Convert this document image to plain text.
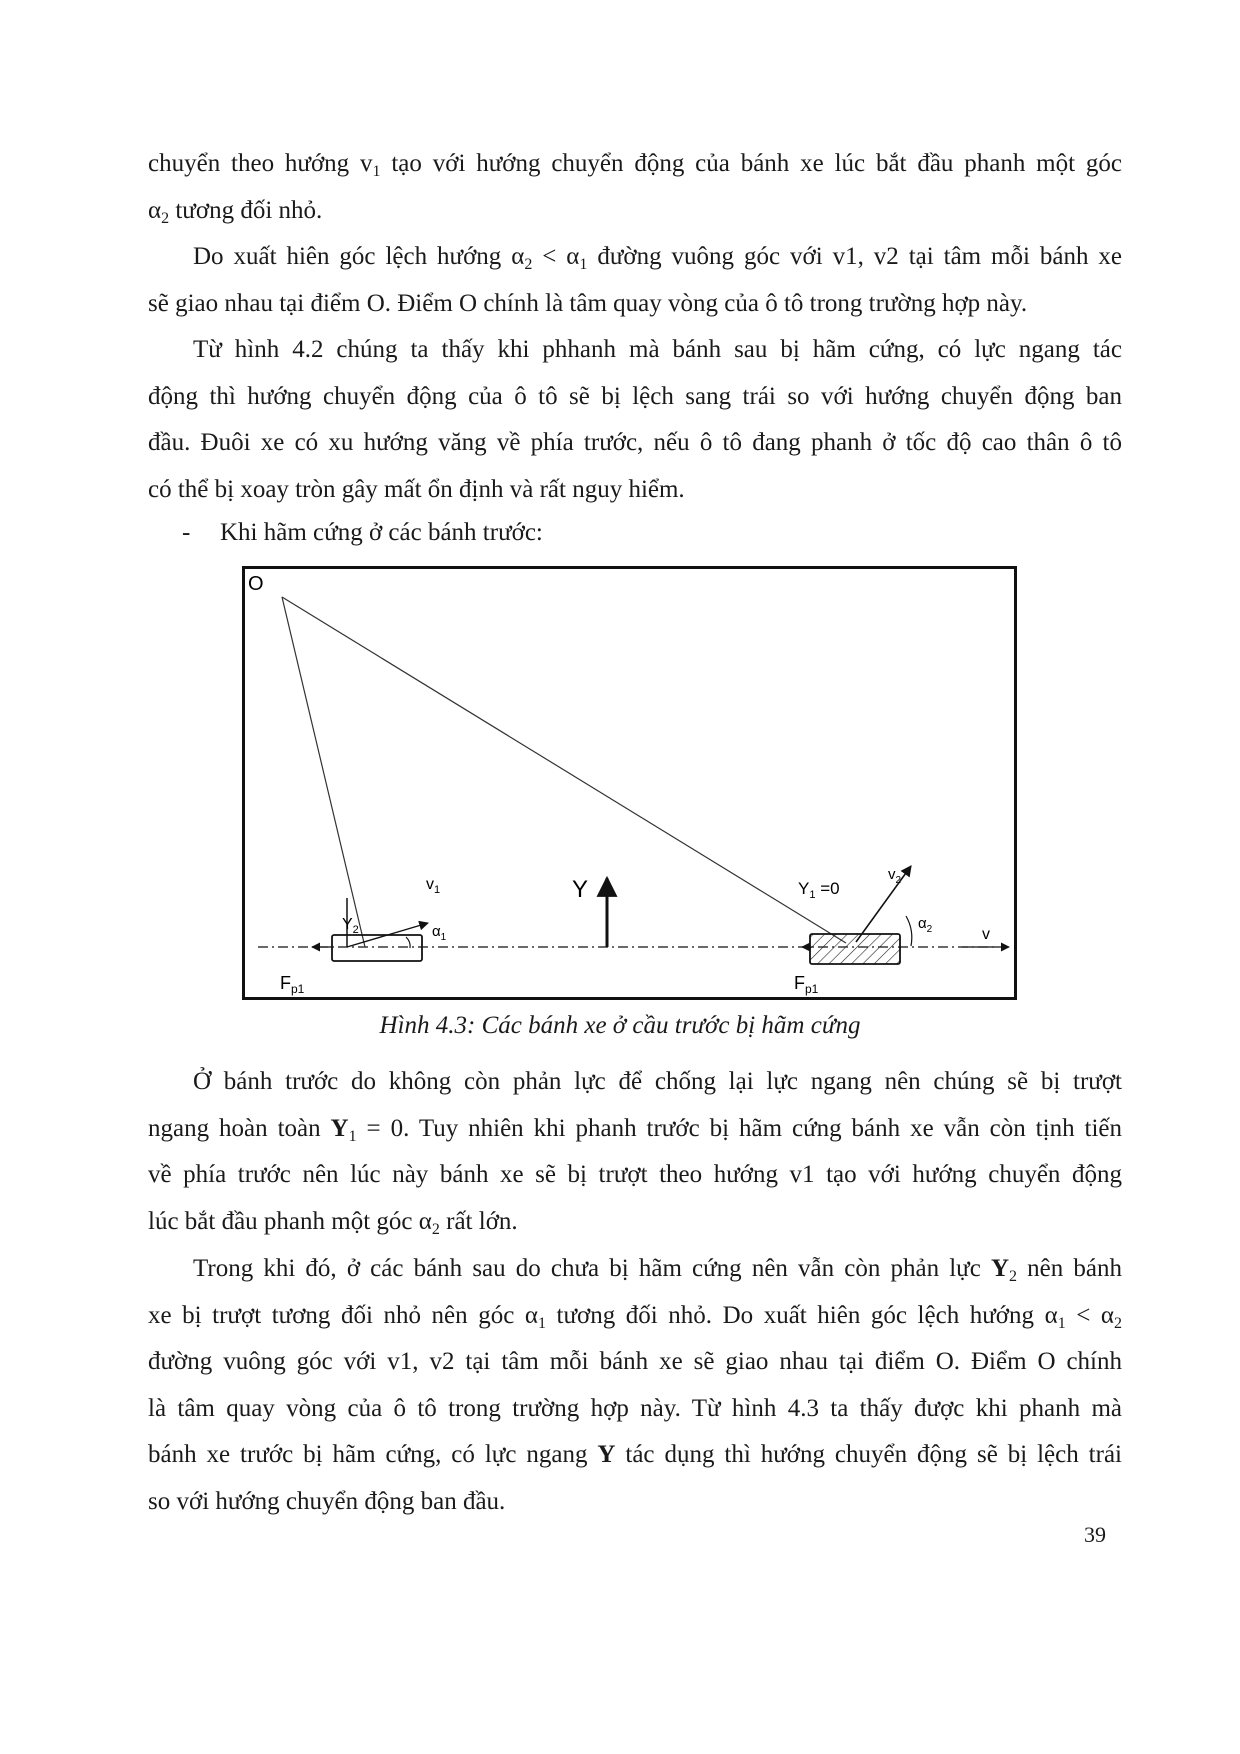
chuyển theo hướng $v_1$ tạo với hướng chuyển động của bánh xe lúc bắt đầu phanh một góc
$\alpha_2$ tương đối nhỏ.

Do xuất hiên góc lệch hướng $\alpha_2 < \alpha_1$ đường vuông góc với v1, v2 tại tâm mỗi bánh xe
sẽ giao nhau tại điểm O. Điểm O chính là tâm quay vòng của ô tô trong trường hợp này.

Từ hình 4.2 chúng ta thấy khi phhanh mà bánh sau bị hãm cứng, có lực ngang tác
động thì hướng chuyển động của ô tô sẽ bị lệch sang trái so với hướng chuyển động ban
đầu. Đuôi xe có xu hướng văng về phía trước, nếu ô tô đang phanh ở tốc độ cao thân ô tô
có thể bị xoay tròn gây mất ổn định và rất nguy hiểm.

- Khi hãm cứng ở các bánh trước:
O
$v_1$
$Y_2$	$\alpha_1$
Y	$Y_1 =0$
$v_2$
$\alpha_2$	v
$F_{p1}$	$F_{p1}$
Hình 4.3: Các bánh xe ở cầu trước bị hãm cứng

Ở bánh trước do không còn phản lực để chống lại lực ngang nên chúng sẽ bị trượt
ngang hoàn toàn $Y_1 = 0$. Tuy nhiên khi phanh trước bị hãm cứng bánh xe vẫn còn tịnh tiến
về phía trước nên lúc này bánh xe sẽ bị trượt theo hướng v1 tạo với hướng chuyển động
lúc bắt đầu phanh một góc $\alpha_2$ rất lớn.

Trong khi đó, ở các bánh sau do chưa bị hãm cứng nên vẫn còn phản lực $Y_2$ nên bánh
xe bị trượt tương đối nhỏ nên góc $\alpha_1$ tương đối nhỏ. Do xuất hiên góc lệch hướng $\alpha_1 < \alpha_2$
đường vuông góc với v1, v2 tại tâm mỗi bánh xe sẽ giao nhau tại điểm O. Điểm O chính
là tâm quay vòng của ô tô trong trường hợp này. Từ hình 4.3 ta thấy được khi phanh mà
bánh xe trước bị hãm cứng, có lực ngang Y tác dụng thì hướng chuyển động sẽ bị lệch trái
so với hướng chuyển động ban đầu.

39
